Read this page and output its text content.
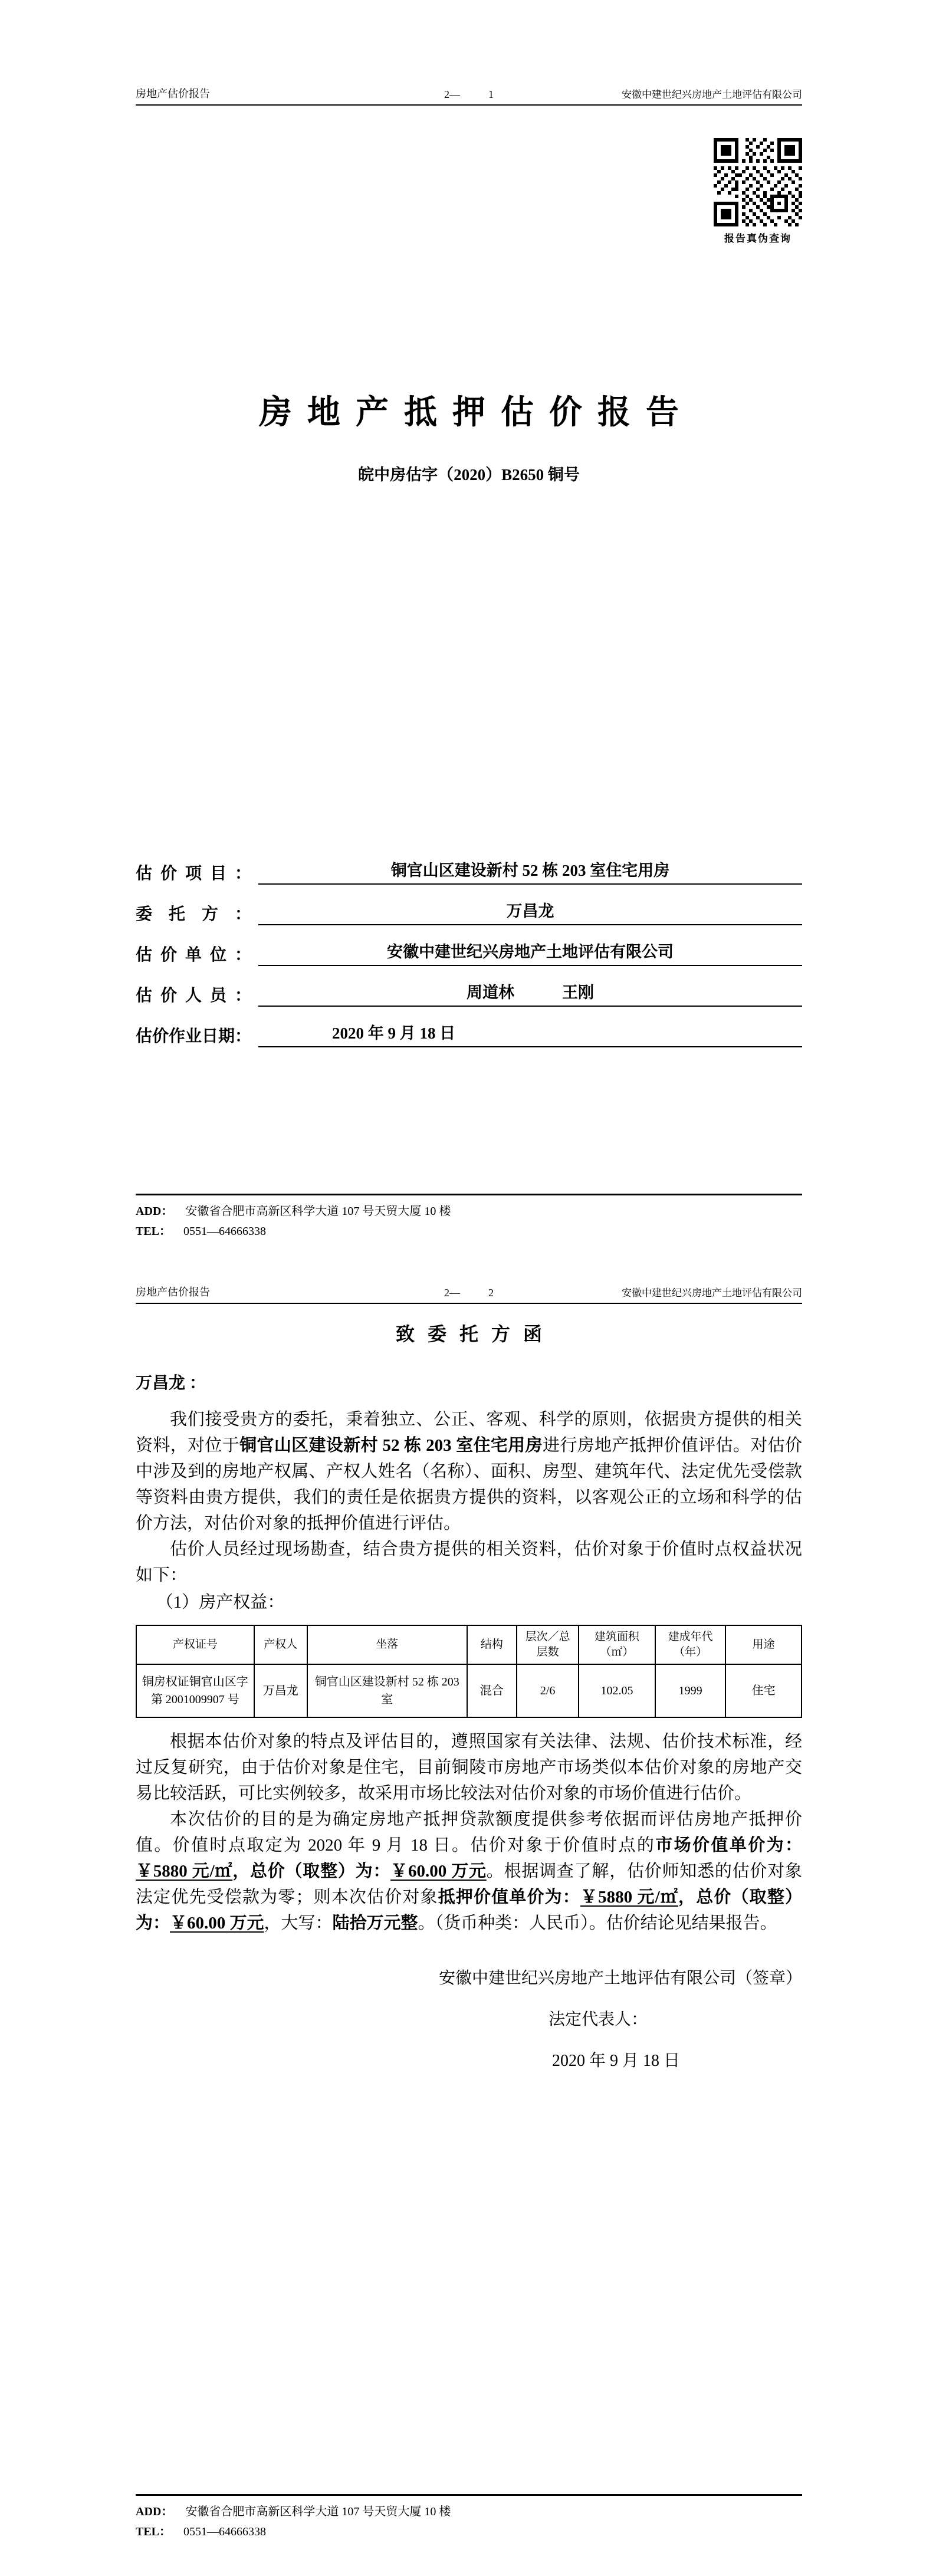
房地产估价报告	2—	1	安徽中建世纪兴房地产土地评估有限公司
报告真伪查询
房地产抵押估价报告
皖中房估字（2020）B2650 铜号
估价项目：	铜官山区建设新村 52 栋 203 室住宅用房
委托方：	万昌龙
估价单位：	安徽中建世纪兴房地产土地评估有限公司
估价人员：	周道林　　　王刚
估价作业日期：	2020 年 9 月 18 日
ADD： 安徽省合肥市高新区科学大道 107 号天贸大厦 10 楼
TEL： 0551—64666338
房地产估价报告	2—	2	安徽中建世纪兴房地产土地评估有限公司
致委托方函
万昌龙 ：

我们接受贵方的委托，秉着独立、公正、客观、科学的原则，依据贵方提供的相关资料，对位于铜官山区建设新村 52 栋 203 室住宅用房进行房地产抵押价值评估。对估价中涉及到的房地产权属、产权人姓名（名称）、面积、房型、建筑年代、法定优先受偿款等资料由贵方提供，我们的责任是依据贵方提供的资料，以客观公正的立场和科学的估价方法，对估价对象的抵押价值进行评估。

估价人员经过现场勘查，结合贵方提供的相关资料，估价对象于价值时点权益状况如下：

（1）房产权益：

产权证号	产权人	坐落	结构	层次／总层数	建筑面积（㎡）	建成年代（年）	用途
铜房权证铜官山区字第 2001009907 号	万昌龙	铜官山区建设新村 52 栋 203 室	混合	2/6	102.05	1999	住宅

根据本估价对象的特点及评估目的，遵照国家有关法律、法规、估价技术标准，经过反复研究，由于估价对象是住宅，目前铜陵市房地产市场类似本估价对象的房地产交易比较活跃，可比实例较多，故采用市场比较法对估价对象的市场价值进行估价。

本次估价的目的是为确定房地产抵押贷款额度提供参考依据而评估房地产抵押价值。价值时点取定为 2020 年 9 月 18 日。估价对象于价值时点的市场价值单价为：￥5880 元/㎡，总价（取整）为：￥60.00 万元。根据调查了解，估价师知悉的估价对象法定优先受偿款为零；则本次估价对象抵押价值单价为：￥5880 元/㎡，总价（取整）为：￥60.00 万元，大写：陆拾万元整。（货币种类：人民币）。估价结论见结果报告。

安徽中建世纪兴房地产土地评估有限公司（签章）
法定代表人：
2020 年 9 月 18 日
ADD： 安徽省合肥市高新区科学大道 107 号天贸大厦 10 楼
TEL： 0551—64666338
